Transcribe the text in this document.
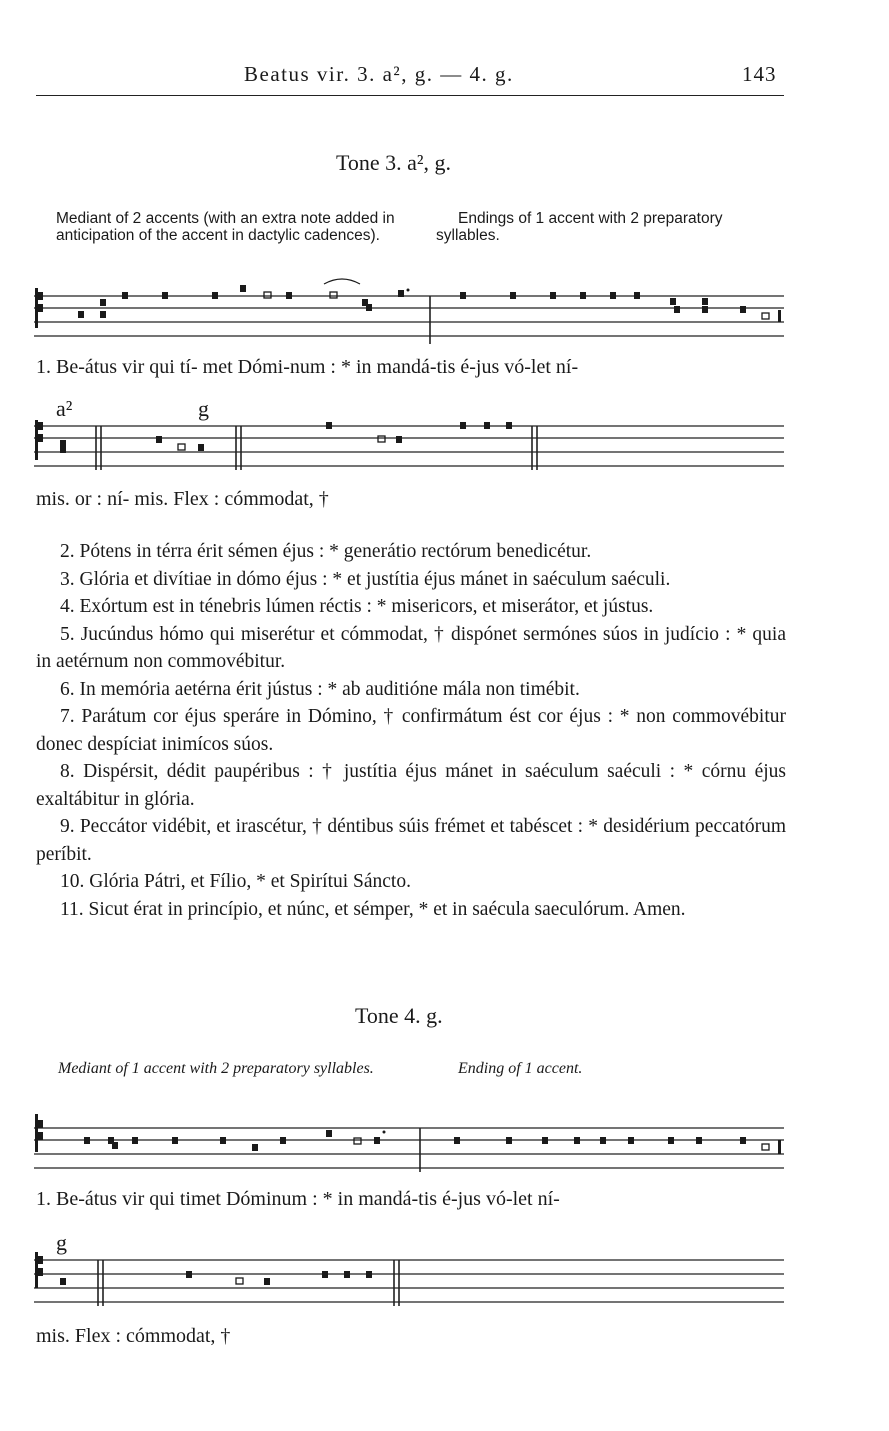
Beatus vir. 3. a², g. — 4. g.	143
Tone 3. a², g.
Mediant of 2 accents (with an extra note added in anticipation of the accent in dactylic cadences).
Endings of 1 accent with 2 preparatory syllables.
1. Be-átus vir qui tí- met Dómi-num : * in mandá-tis é-jus vó-let ní-
a²	g
mis. or : ní- mis. Flex : cómmodat, †

2. Pótens in térra érit sémen éjus : * generátio rectórum benedicétur.

3. Glória et divítiae in dómo éjus : * et justítia éjus mánet in saéculum saéculi.

4. Exórtum est in ténebris lúmen réctis : * misericors, et miserátor, et jústus.

5. Jucúndus hómo qui miserétur et cómmodat, † dispónet sermónes súos in judício : * quia in aetérnum non commovébitur.

6. In memória aetérna érit jústus : * ab auditióne mála non timébit.

7. Parátum cor éjus speráre in Dómino, † confirmátum ést cor éjus : * non commovébitur donec despíciat inimícos súos.

8. Dispérsit, dédit paupéribus : † justítia éjus mánet in saéculum saéculi : * córnu éjus exaltábitur in glória.

9. Peccátor vidébit, et irascétur, † déntibus súis frémet et tabéscet : * desidérium peccatórum períbit.

10. Glória Pátri, et Fílio, * et Spirítui Sáncto.

11. Sicut érat in princípio, et núnc, et sémper, * et in saécula saeculórum. Amen.

Tone 4. g.
Mediant of 1 accent with 2 preparatory syllables.	Ending of 1 accent.
1. Be-átus vir qui timet Dóminum : * in mandá-tis é-jus vó-let ní-
g
mis. Flex : cómmodat, †
